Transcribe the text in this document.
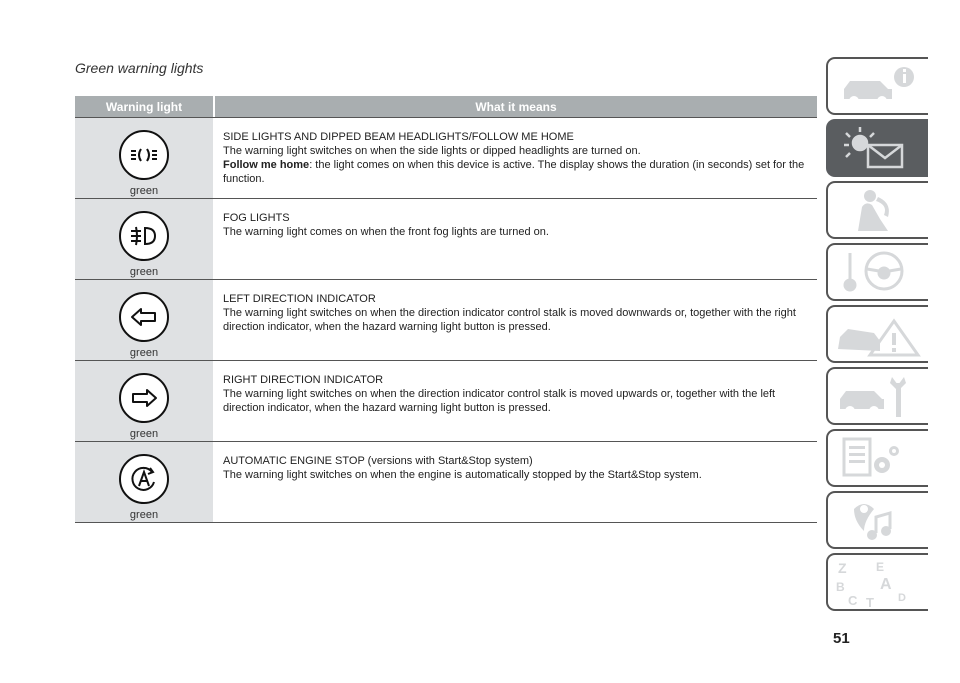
Green warning lights
Warning light	What it means
green
SIDE LIGHTS AND DIPPED BEAM HEADLIGHTS/FOLLOW ME HOME
The warning light switches on when the side lights or dipped headlights are turned on.
Follow me home: the light comes on when this device is active. The display shows the duration (in seconds) set for the function.
green
FOG LIGHTS
The warning light comes on when the front fog lights are turned on.
green
LEFT DIRECTION INDICATOR
The warning light switches on when the direction indicator control stalk is moved downwards or, together with the right direction indicator, when the hazard warning light button is pressed.
green
RIGHT DIRECTION INDICATOR
The warning light switches on when the direction indicator control stalk is moved upwards or, together with the left direction indicator, when the hazard warning light button is pressed.
green
AUTOMATIC ENGINE STOP (versions with Start&Stop system)
The warning light switches on when the engine is automatically stopped by the Start&Stop system.
51
Z E
A
B
C	D
T
